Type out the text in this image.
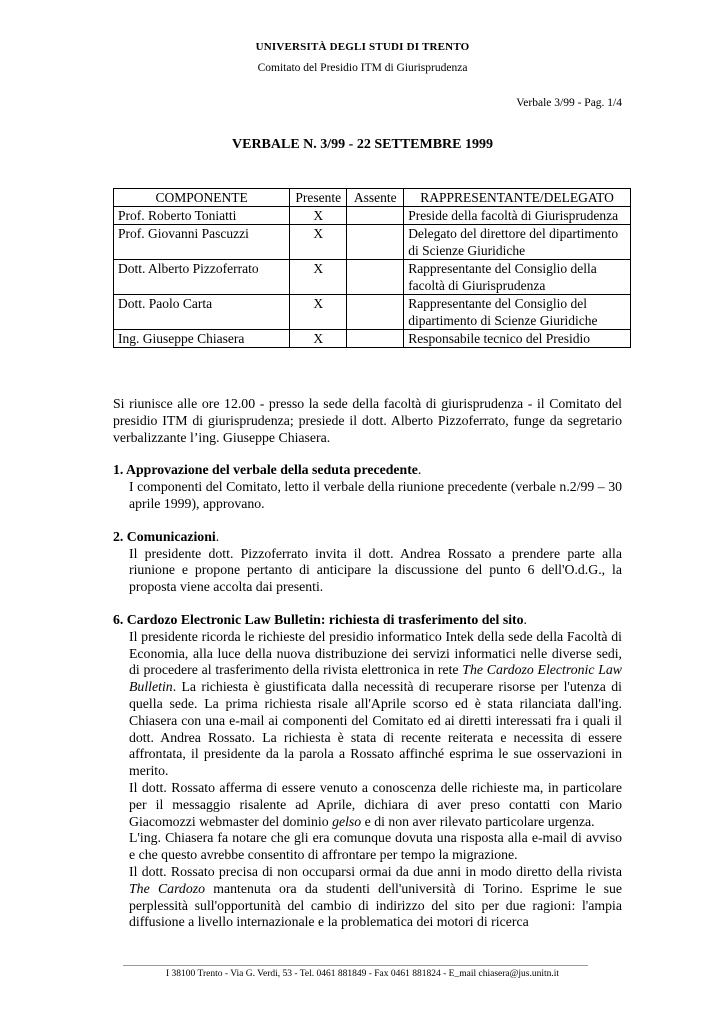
UNIVERSITÀ DEGLI STUDI DI TRENTO
Comitato del Presidio ITM di Giurisprudenza
Verbale 3/99 - Pag. 1/4
VERBALE N. 3/99 - 22 SETTEMBRE 1999
COMPONENTE	Presente	Assente	RAPPRESENTANTE/DELEGATO
Prof. Roberto Toniatti	X		Preside della facoltà di Giurisprudenza
Prof. Giovanni Pascuzzi	X		Delegato del direttore del dipartimento di Scienze Giuridiche
Dott. Alberto Pizzoferrato	X		Rappresentante del Consiglio della facoltà di Giurisprudenza
Dott. Paolo Carta	X		Rappresentante del Consiglio del dipartimento di Scienze Giuridiche
Ing. Giuseppe Chiasera	X		Responsabile tecnico del Presidio

Si riunisce alle ore 12.00 - presso la sede della facoltà di giurisprudenza - il Comitato del presidio ITM di giurisprudenza; presiede il dott. Alberto Pizzoferrato, funge da segretario verbalizzante l’ing. Giuseppe Chiasera.

1. Approvazione del verbale della seduta precedente.

I componenti del Comitato, letto il verbale della riunione precedente (verbale n.2/99 – 30 aprile 1999), approvano.

2. Comunicazioni.

Il presidente dott. Pizzoferrato invita il dott. Andrea Rossato a prendere parte alla riunione e propone pertanto di anticipare la discussione del punto 6 dell'O.d.G., la proposta viene accolta dai presenti.

6. Cardozo Electronic Law Bulletin: richiesta di trasferimento del sito.

Il presidente ricorda le richieste del presidio informatico Intek della sede della Facoltà di Economia, alla luce della nuova distribuzione dei servizi informatici nelle diverse sedi, di procedere al trasferimento della rivista elettronica in rete The Cardozo Electronic Law Bulletin. La richiesta è giustificata dalla necessità di recuperare risorse per l'utenza di quella sede. La prima richiesta risale all'Aprile scorso ed è stata rilanciata dall'ing. Chiasera con una e-mail ai componenti del Comitato ed ai diretti interessati fra i quali il dott. Andrea Rossato. La richiesta è stata di recente reiterata e necessita di essere affrontata, il presidente da la parola a Rossato affinché esprima le sue osservazioni in merito.

Il dott. Rossato afferma di essere venuto a conoscenza delle richieste ma, in particolare per il messaggio risalente ad Aprile, dichiara di aver preso contatti con Mario Giacomozzi webmaster del dominio gelso e di non aver rilevato particolare urgenza.

L'ing. Chiasera fa notare che gli era comunque dovuta una risposta alla e-mail di avviso e che questo avrebbe consentito di affrontare per tempo la migrazione.

Il dott. Rossato precisa di non occuparsi ormai da due anni in modo diretto della rivista The Cardozo mantenuta ora da studenti dell'università di Torino. Esprime le sue perplessità sull'opportunità del cambio di indirizzo del sito per due ragioni: l'ampia diffusione a livello internazionale e la problematica dei motori di ricerca

I 38100 Trento - Via G. Verdi, 53 - Tel. 0461 881849 - Fax 0461 881824 - E_mail chiasera@jus.unitn.it
